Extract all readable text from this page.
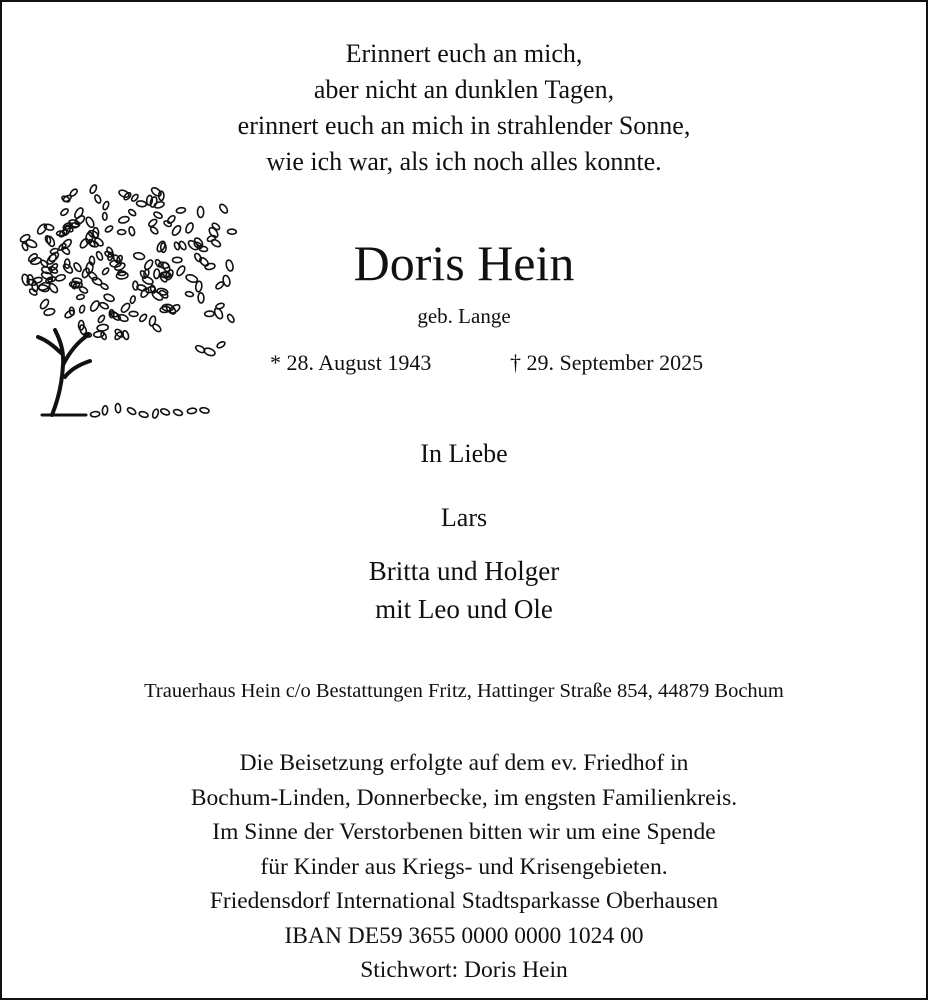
Erinnert euch an mich,
aber nicht an dunklen Tagen,
erinnert euch an mich in strahlender Sonne,
wie ich war, als ich noch alles konnte.
Doris Hein
geb. Lange
* 28. August 1943	† 29. September 2025
In Liebe
Lars
Britta und Holger
mit Leo und Ole
Trauerhaus Hein c/o Bestattungen Fritz, Hattinger Straße 854, 44879 Bochum
Die Beisetzung erfolgte auf dem ev. Friedhof in
Bochum-Linden, Donnerbecke, im engsten Familienkreis.
Im Sinne der Verstorbenen bitten wir um eine Spende
für Kinder aus Kriegs- und Krisengebieten.
Friedensdorf International Stadtsparkasse Oberhausen
IBAN DE59 3655 0000 0000 1024 00
Stichwort: Doris Hein
